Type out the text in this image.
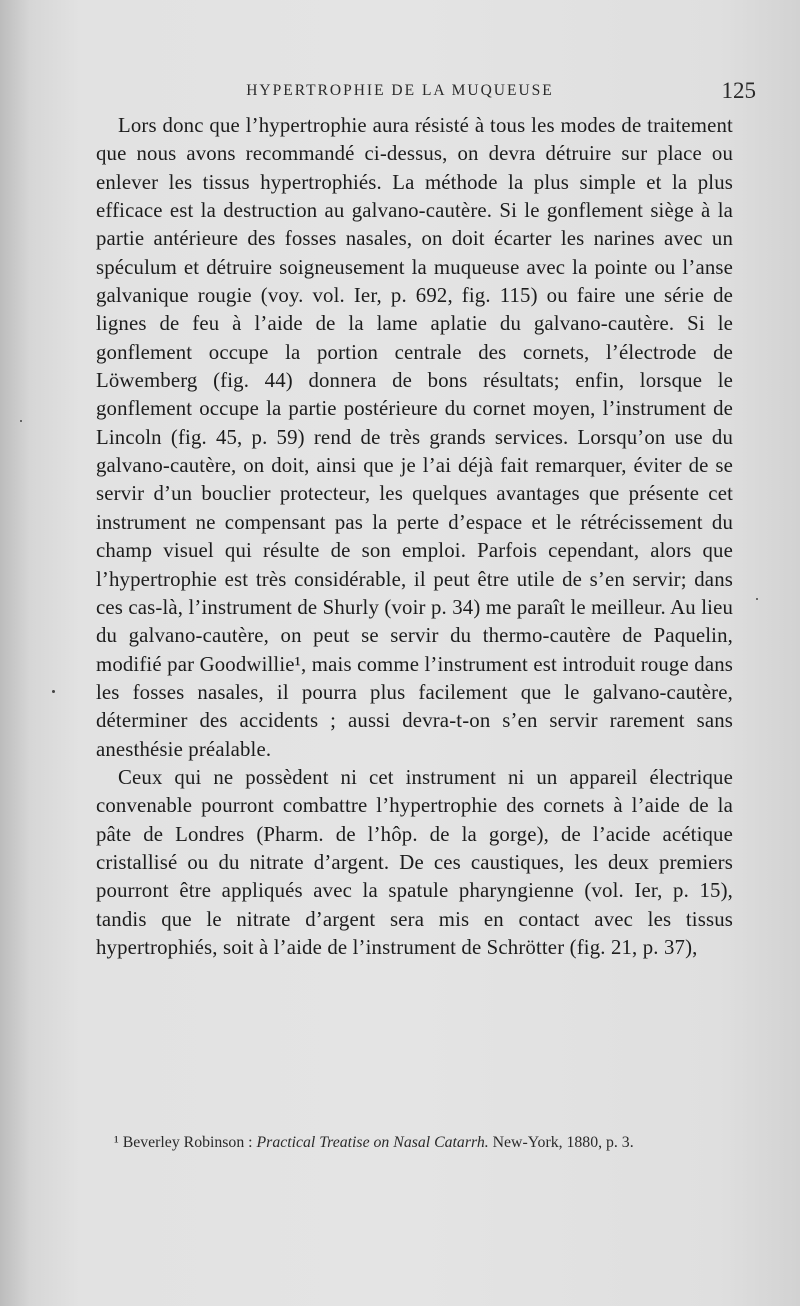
HYPERTROPHIE DE LA MUQUEUSE	125

Lors donc que l’hypertrophie aura résisté à tous les modes de traitement que nous avons recommandé ci-dessus, on devra détruire sur place ou enlever les tissus hypertrophiés. La méthode la plus simple et la plus efficace est la destruction au galvano-cautère. Si le gonflement siège à la partie antérieure des fosses nasales, on doit écarter les narines avec un spéculum et détruire soigneusement la muqueuse avec la pointe ou l’anse galvanique rougie (voy. vol. Ier, p. 692, fig. 115) ou faire une série de lignes de feu à l’aide de la lame aplatie du galvano-cautère. Si le gonflement occupe la portion centrale des cornets, l’électrode de Löwemberg (fig. 44) donnera de bons résultats; enfin, lorsque le gonflement occupe la partie postérieure du cornet moyen, l’instrument de Lincoln (fig. 45, p. 59) rend de très grands services. Lorsqu’on use du galvano-cautère, on doit, ainsi que je l’ai déjà fait remarquer, éviter de se servir d’un bouclier protecteur, les quelques avantages que présente cet instrument ne compensant pas la perte d’espace et le rétrécissement du champ visuel qui résulte de son emploi. Parfois cependant, alors que l’hypertrophie est très considérable, il peut être utile de s’en servir; dans ces cas-là, l’instrument de Shurly (voir p. 34) me paraît le meilleur. Au lieu du galvano-cautère, on peut se servir du thermo-cautère de Paquelin, modifié par Goodwillie¹, mais comme l’instrument est introduit rouge dans les fosses nasales, il pourra plus facilement que le galvano-cautère, déterminer des accidents ; aussi devra-t-on s’en servir rarement sans anesthésie préalable.

Ceux qui ne possèdent ni cet instrument ni un appareil électrique convenable pourront combattre l’hypertrophie des cornets à l’aide de la pâte de Londres (Pharm. de l’hôp. de la gorge), de l’acide acétique cristallisé ou du nitrate d’argent. De ces caustiques, les deux premiers pourront être appliqués avec la spatule pharyngienne (vol. Ier, p. 15), tandis que le nitrate d’argent sera mis en contact avec les tissus hypertrophiés, soit à l’aide de l’instrument de Schrötter (fig. 21, p. 37),

¹ Beverley Robinson : Practical Treatise on Nasal Catarrh. New-York, 1880, p. 3.
